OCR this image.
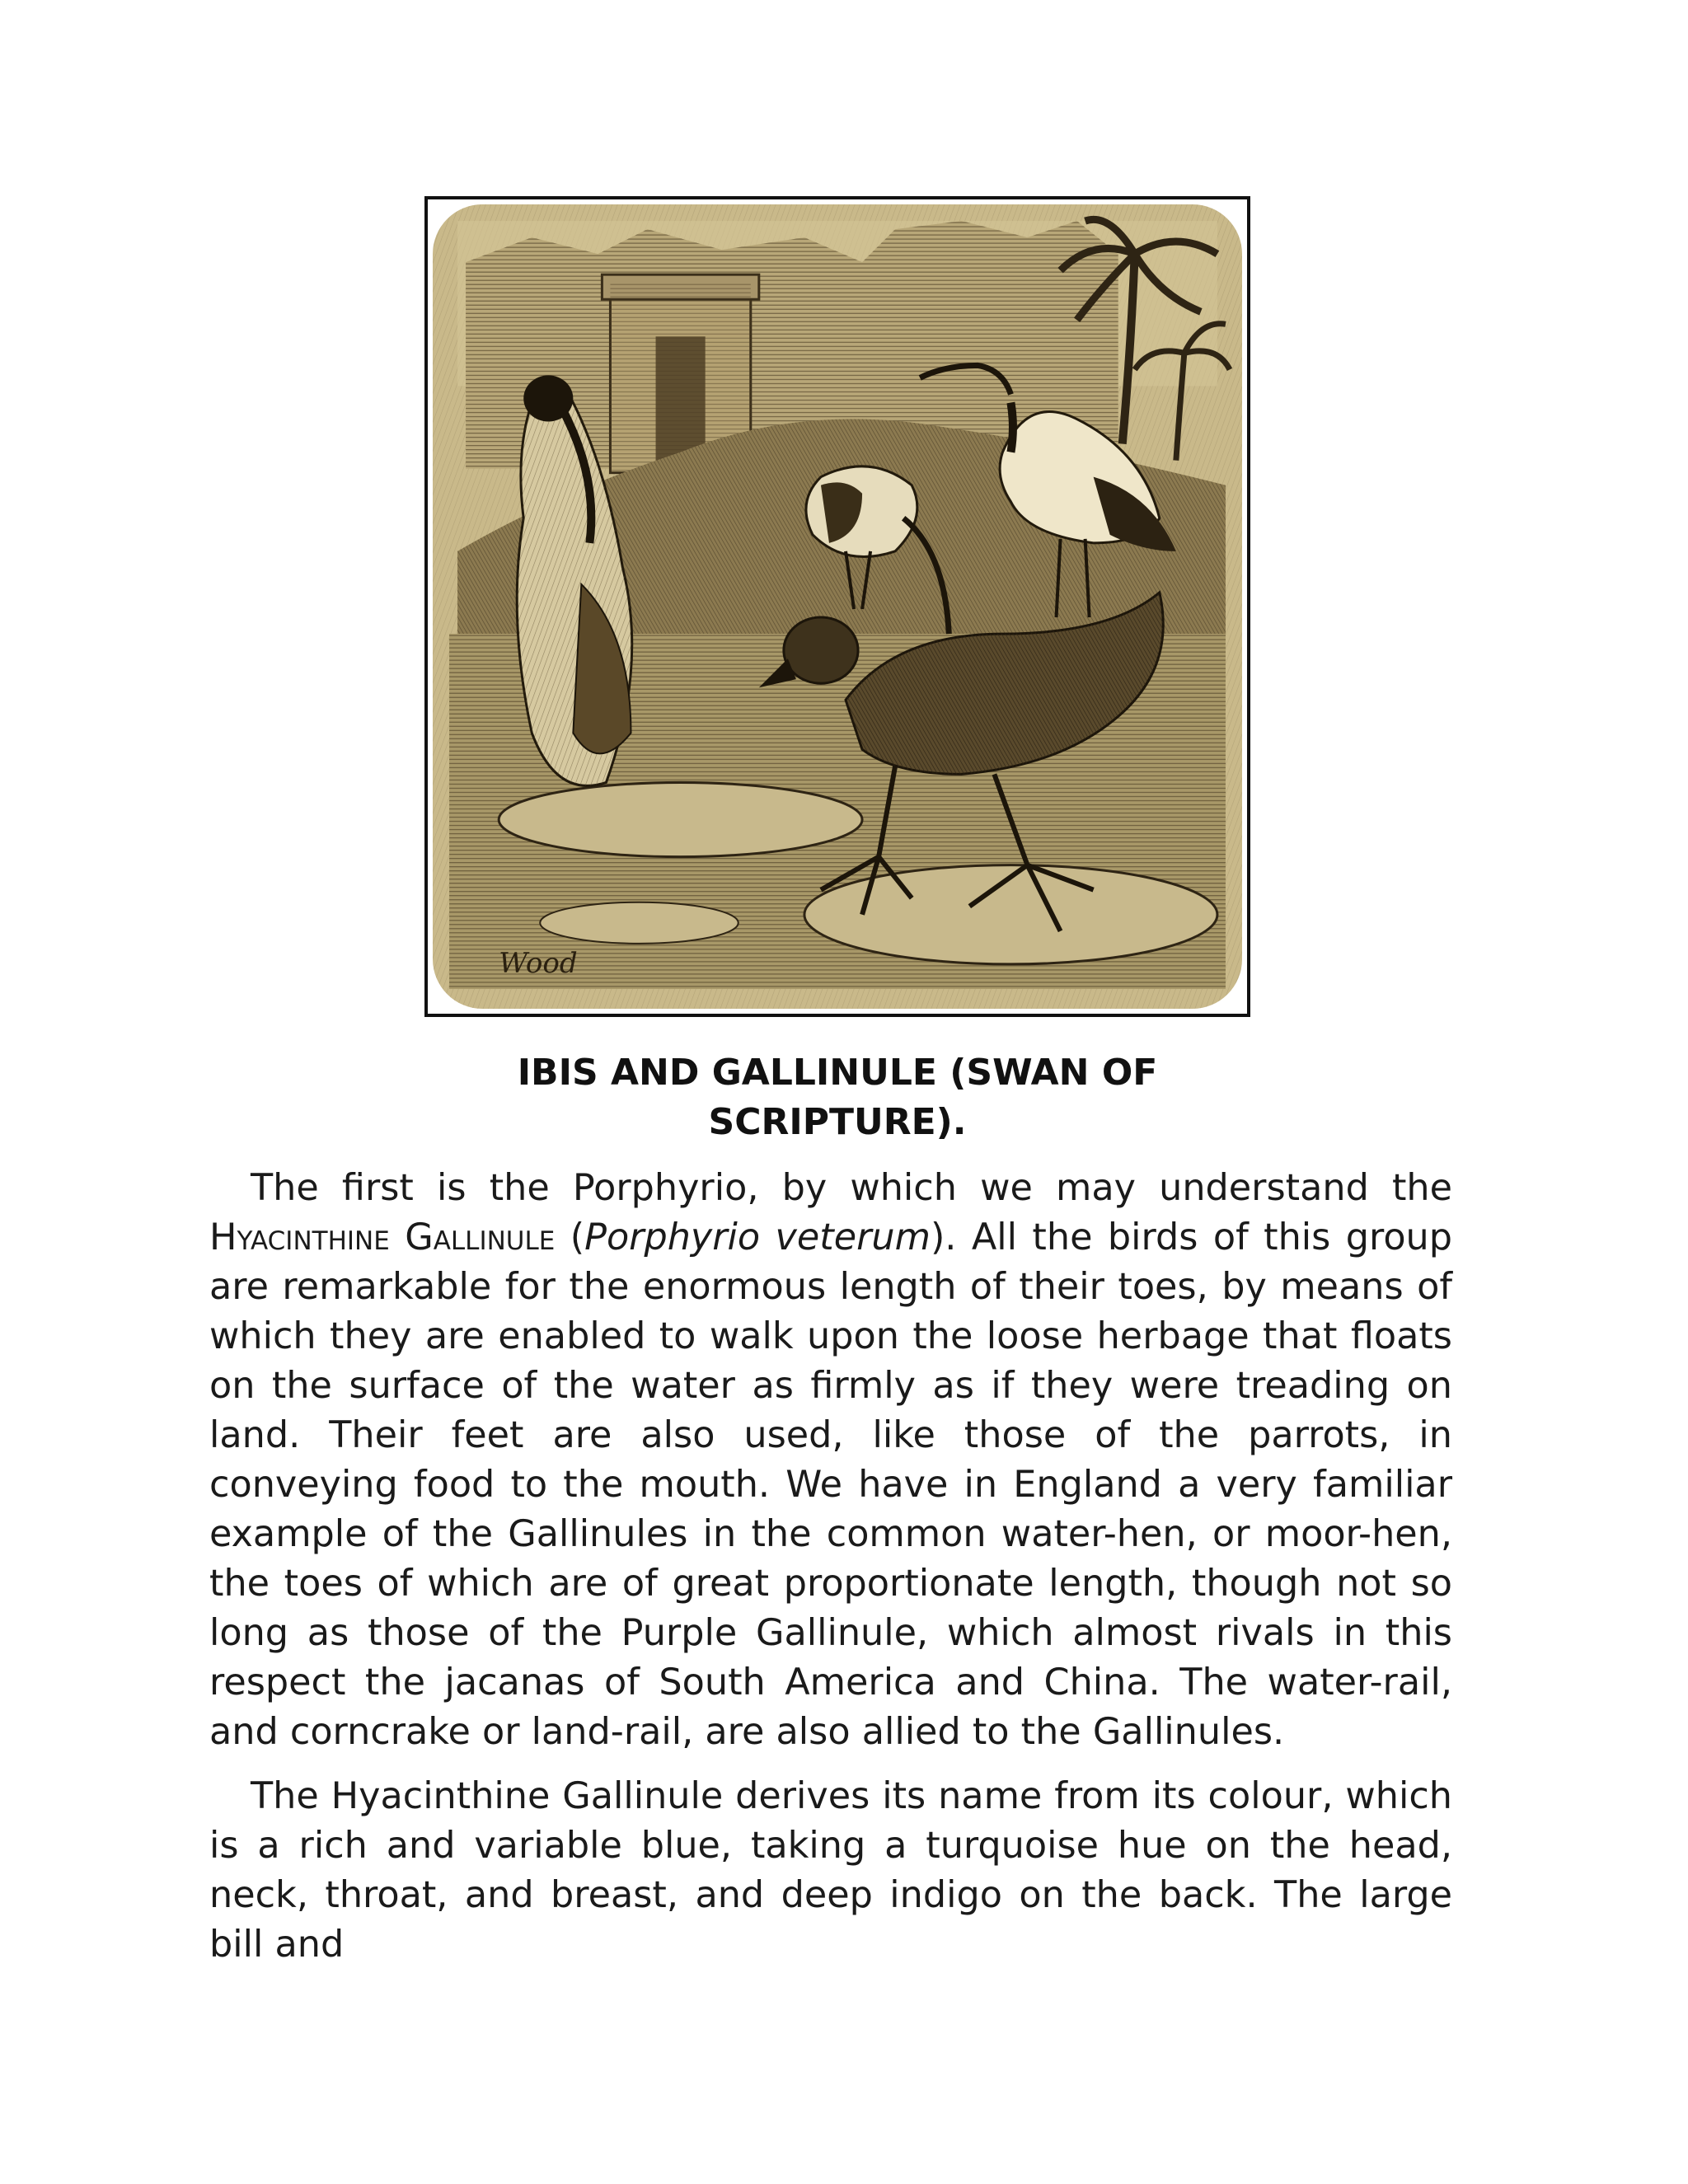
Wood
IBIS AND GALLINULE (SWAN OF
SCRIPTURE).

The first is the Porphyrio, by which we may understand the Hyacinthine Gallinule (Porphyrio veterum). All the birds of this group are remarkable for the enormous length of their toes, by means of which they are enabled to walk upon the loose herbage that floats on the surface of the water as firmly as if they were treading on land. Their feet are also used, like those of the parrots, in conveying food to the mouth. We have in England a very familiar example of the Gallinules in the common water-hen, or moor-hen, the toes of which are of great proportionate length, though not so long as those of the Purple Gallinule, which almost rivals in this respect the jacanas of South America and China. The water-rail, and corncrake or land-rail, are also allied to the Gallinules.

The Hyacinthine Gallinule derives its name from its colour, which is a rich and variable blue, taking a turquoise hue on the head, neck, throat, and breast, and deep indigo on the back. The large bill and
